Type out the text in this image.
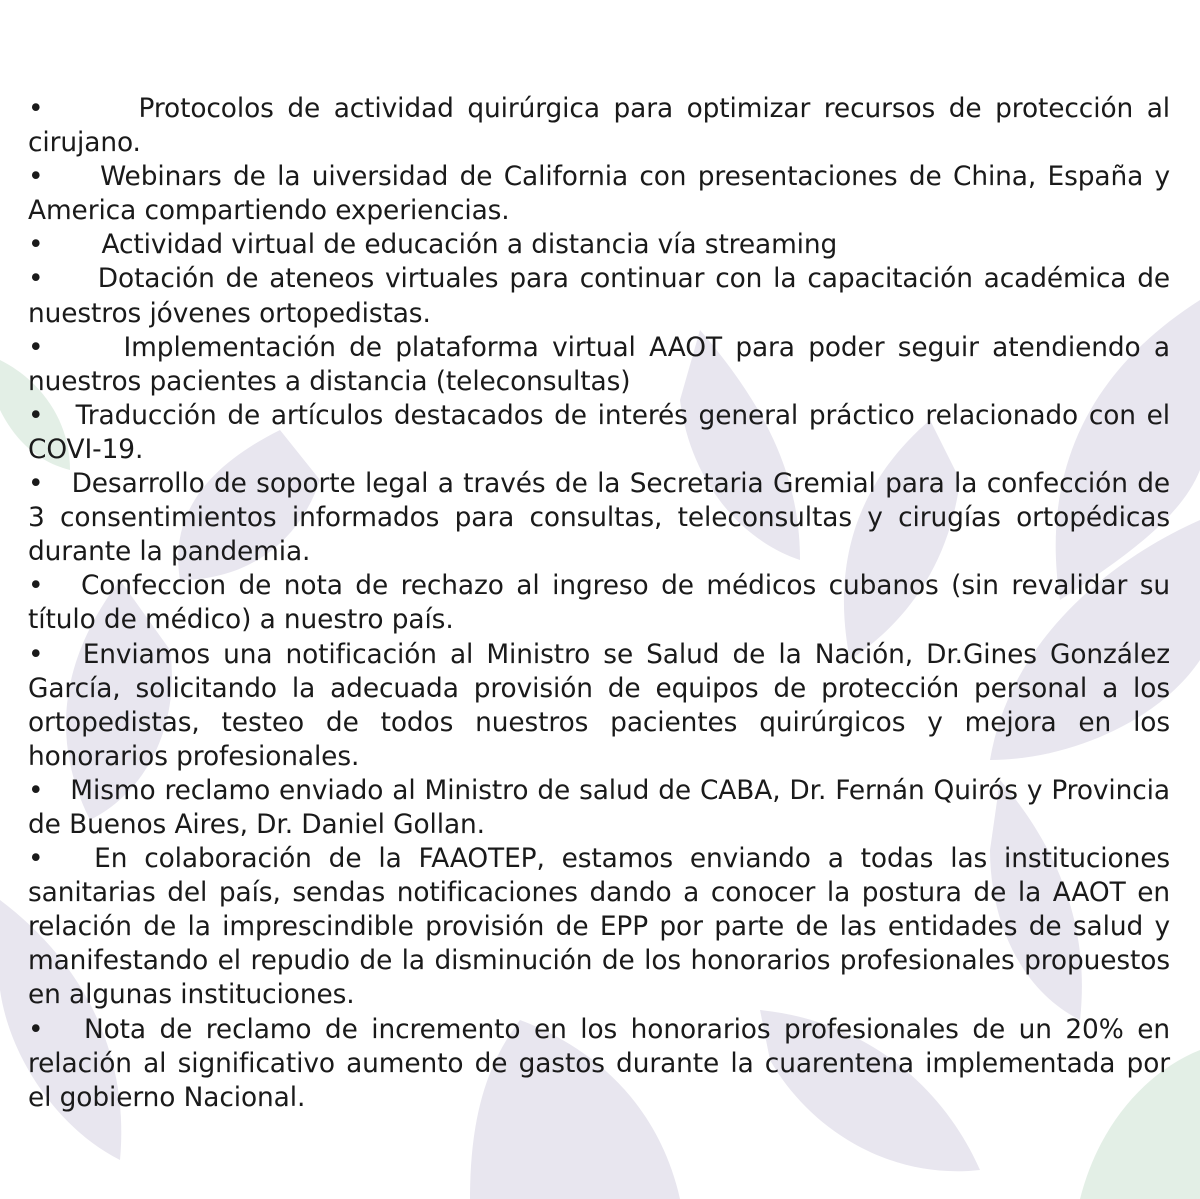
•	Protocolos de actividad quirúrgica para optimizar recursos de protección al cirujano.

• Webinars de la uiversidad de California con presentaciones de China, España y America compartiendo experiencias.

• Actividad virtual de educación a distancia vía streaming

• Dotación de ateneos virtuales para continuar con la capacitación académica de nuestros jóvenes ortopedistas.

•	Implementación de plataforma virtual AAOT para poder seguir atendiendo a nuestros pacientes a distancia (teleconsultas)

• Traducción de artículos destacados de interés general práctico relacionado con el COVI-19.

• Desarrollo de soporte legal a través de la Secretaria Gremial para la confección de 3 consentimientos informados para consultas, teleconsultas y cirugías ortopédicas durante la pandemia.

• Confeccion de nota de rechazo al ingreso de médicos cubanos (sin revalidar su título de médico) a nuestro país.

• Enviamos una notificación al Ministro se Salud de la Nación, Dr.Gines González García, solicitando la adecuada provisión de equipos de protección personal a los ortopedistas, testeo de todos nuestros pacientes quirúrgicos y mejora en los honorarios profesionales.

• Mismo reclamo enviado al Ministro de salud de CABA, Dr. Fernán Quirós y Provincia de Buenos Aires, Dr. Daniel Gollan.

• En colaboración de la FAAOTEP, estamos enviando a todas las instituciones sanitarias del país, sendas notificaciones dando a conocer la postura de la AAOT en relación de la imprescindible provisión de EPP por parte de las entidades de salud y manifestando el repudio de la disminución de los honorarios profesionales propuestos en algunas instituciones.

• Nota de reclamo de incremento en los honorarios profesionales de un 20% en relación al significativo aumento de gastos durante la cuarentena implementada por el gobierno Nacional.
